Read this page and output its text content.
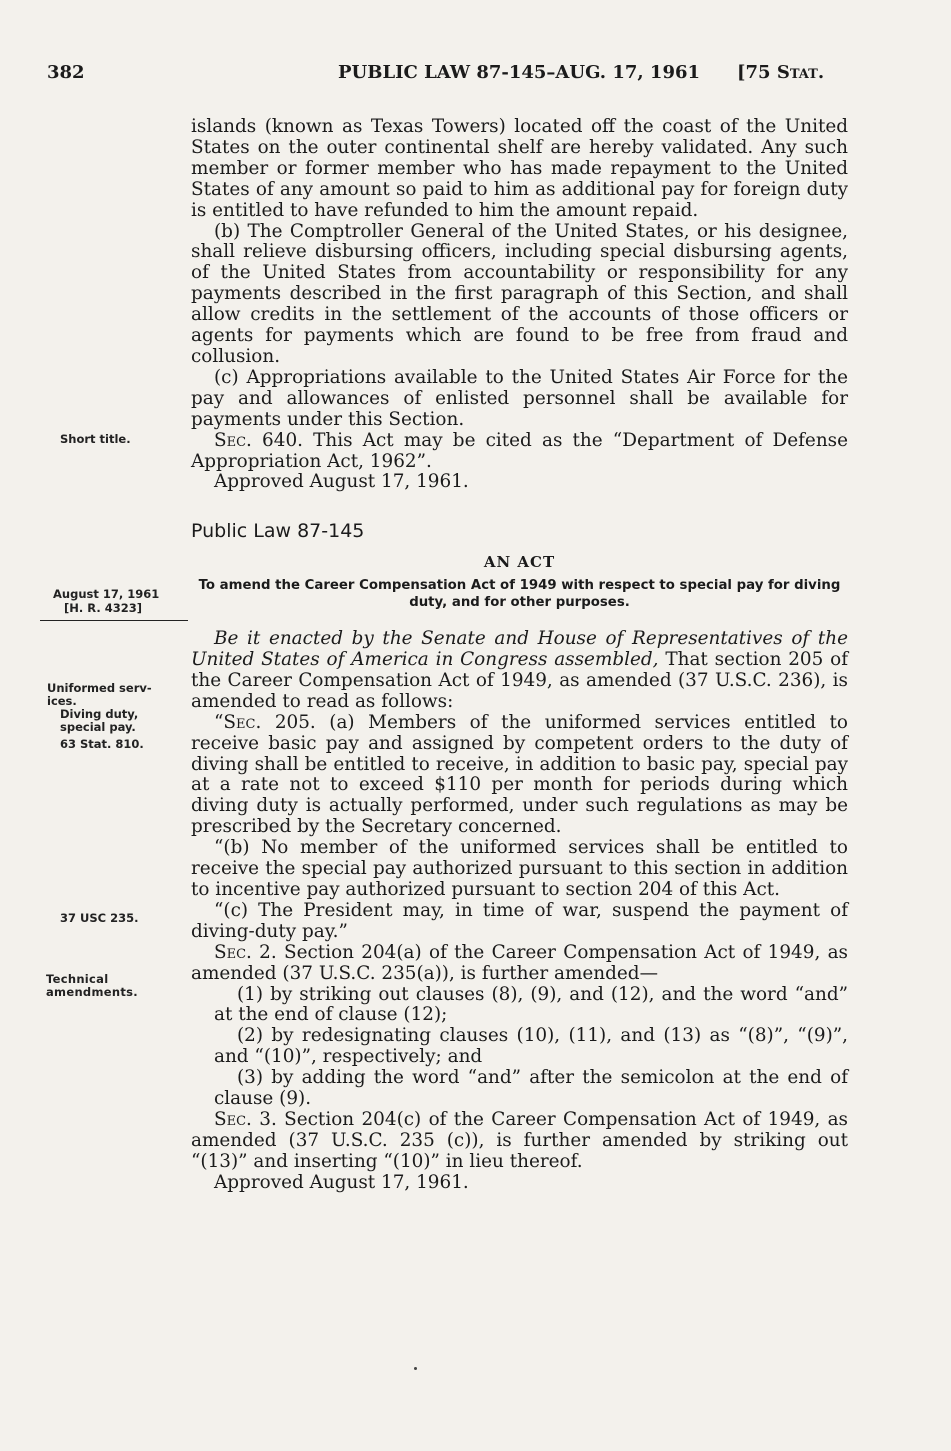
382	PUBLIC LAW 87-145–AUG. 17, 1961 [75 Stat.

Short title.
August 17, 1961
[H. R. 4323]
Uniformed serv-
ices.
Diving duty,
special pay.
63 Stat. 810.
37 USC 235.
Technical
amendments.

islands (known as Texas Towers) located off the coast of the United States on the outer continental shelf are hereby validated. Any such member or former member who has made repayment to the United States of any amount so paid to him as additional pay for foreign duty is entitled to have refunded to him the amount repaid.

(b) The Comptroller General of the United States, or his designee, shall relieve disbursing officers, including special disbursing agents, of the United States from accountability or responsibility for any payments described in the first paragraph of this Section, and shall allow credits in the settlement of the accounts of those officers or agents for payments which are found to be free from fraud and collusion.

(c) Appropriations available to the United States Air Force for the pay and allowances of enlisted personnel shall be available for payments under this Section.

Sec. 640. This Act may be cited as the “Department of Defense Appropriation Act, 1962”.

Approved August 17, 1961.

Public Law 87-145

AN ACT

To amend the Career Compensation Act of 1949 with respect to special pay for diving duty, and for other purposes.

Be it enacted by the Senate and House of Representatives of the United States of America in Congress assembled, That section 205 of the Career Compensation Act of 1949, as amended (37 U.S.C. 236), is amended to read as follows:

“Sec. 205. (a) Members of the uniformed services entitled to receive basic pay and assigned by competent orders to the duty of diving shall be entitled to receive, in addition to basic pay, special pay at a rate not to exceed $110 per month for periods during which diving duty is actually performed, under such regulations as may be prescribed by the Secretary concerned.

“(b) No member of the uniformed services shall be entitled to receive the special pay authorized pursuant to this section in addition to incentive pay authorized pursuant to section 204 of this Act.

“(c) The President may, in time of war, suspend the payment of diving-duty pay.”

Sec. 2. Section 204(a) of the Career Compensation Act of 1949, as amended (37 U.S.C. 235(a)), is further amended—

(1) by striking out clauses (8), (9), and (12), and the word “and” at the end of clause (12);

(2) by redesignating clauses (10), (11), and (13) as “(8)”, “(9)”, and “(10)”, respectively; and

(3) by adding the word “and” after the semicolon at the end of clause (9).

Sec. 3. Section 204(c) of the Career Compensation Act of 1949, as amended (37 U.S.C. 235 (c)), is further amended by striking out “(13)” and inserting “(10)” in lieu thereof.

Approved August 17, 1961.
